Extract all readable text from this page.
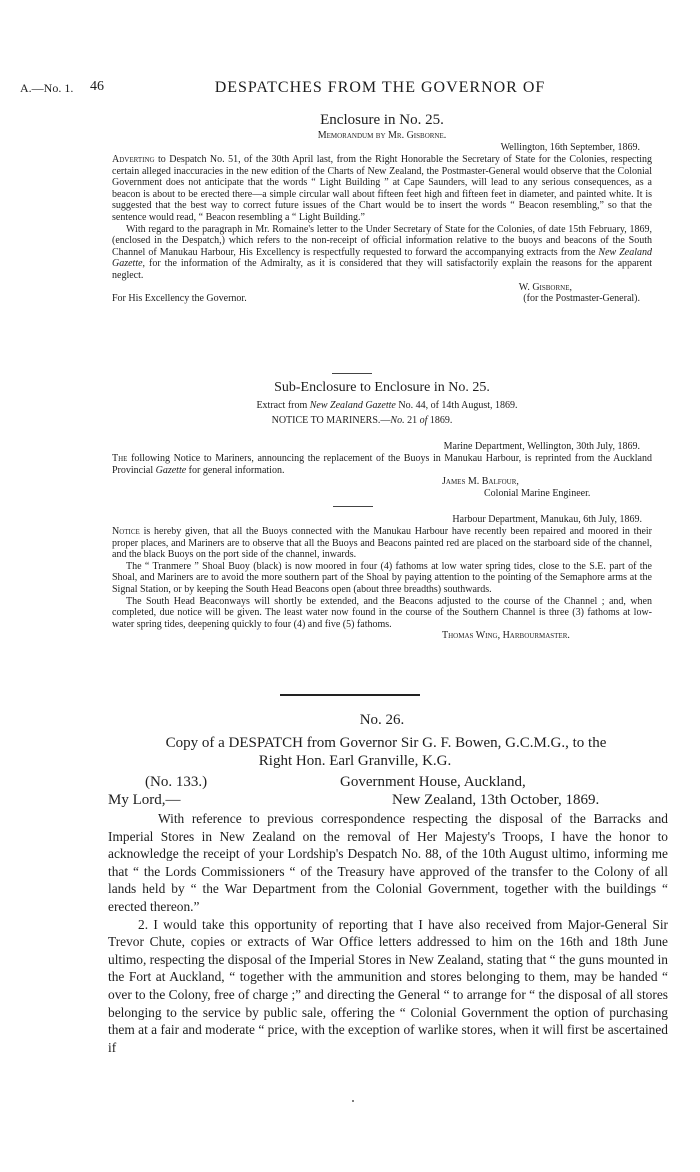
A.—No. 1. 46	DESPATCHES FROM THE GOVERNOR OF
Enclosure in No. 25.
Memorandum by Mr. Gisborne.
Wellington, 16th September, 1869.

Adverting to Despatch No. 51, of the 30th April last, from the Right Honorable the Secretary of State for the Colonies, respecting certain alleged inaccuracies in the new edition of the Charts of New Zealand, the Postmaster-General would observe that the Colonial Government does not anticipate that the words “ Light Building ” at Cape Saunders, will lead to any serious consequences, as a beacon is about to be erected there—a simple circular wall about fifteen feet high and fifteen feet in diameter, and painted white. It is suggested that the best way to correct future issues of the Chart would be to insert the words “ Beacon resembling,” so that the sentence would read, “ Beacon resembling a “ Light Building.”

With regard to the paragraph in Mr. Romaine's letter to the Under Secretary of State for the Colonies, of date 15th February, 1869, (enclosed in the Despatch,) which refers to the non-receipt of official information relative to the buoys and beacons of the South Channel of Manukau Harbour, His Excellency is respectfully requested to forward the accompanying extracts from the New Zealand Gazette, for the information of the Admiralty, as it is considered that they will satisfactorily explain the reasons for the apparent neglect.

W. Gisborne,
For His Excellency the Governor.	(for the Postmaster-General).
Sub-Enclosure to Enclosure in No. 25.
Extract from New Zealand Gazette No. 44, of 14th August, 1869.
NOTICE TO MARINERS.—No. 21 of 1869.
Marine Department, Wellington, 30th July, 1869.

The following Notice to Mariners, announcing the replacement of the Buoys in Manukau Harbour, is reprinted from the Auckland Provincial Gazette for general information.

James M. Balfour,
Colonial Marine Engineer.
Harbour Department, Manukau, 6th July, 1869.

Notice is hereby given, that all the Buoys connected with the Manukau Harbour have recently been repaired and moored in their proper places, and Mariners are to observe that all the Buoys and Beacons painted red are placed on the starboard side of the channel, and the black Buoys on the port side of the channel, inwards.

The “ Tranmere ” Shoal Buoy (black) is now moored in four (4) fathoms at low water spring tides, close to the S.E. part of the Shoal, and Mariners are to avoid the more southern part of the Shoal by paying attention to the pointing of the Semaphore arms at the Signal Station, or by keeping the South Head Beacons open (about three breadths) southwards.

The South Head Beaconways will shortly be extended, and the Beacons adjusted to the course of the Channel ; and, when completed, due notice will be given. The least water now found in the course of the Southern Channel is three (3) fathoms at low-water spring tides, deepening quickly to four (4) and five (5) fathoms.

Thomas Wing, Harbourmaster.
No. 26.
Copy of a DESPATCH from Governor Sir G. F. Bowen, G.C.M.G., to the
Right Hon. Earl Granville, K.G.
(No. 133.)	Government House, Auckland,
My Lord,—	New Zealand, 13th October, 1869.

With reference to previous correspondence respecting the disposal of the Barracks and Imperial Stores in New Zealand on the removal of Her Majesty's Troops, I have the honor to acknowledge the receipt of your Lordship's Despatch No. 88, of the 10th August ultimo, informing me that “ the Lords Commissioners “ of the Treasury have approved of the transfer to the Colony of all lands held by “ the War Department from the Colonial Government, together with the buildings “ erected thereon.”

2. I would take this opportunity of reporting that I have also received from Major-General Sir Trevor Chute, copies or extracts of War Office letters addressed to him on the 16th and 18th June ultimo, respecting the disposal of the Imperial Stores in New Zealand, stating that “ the guns mounted in the Fort at Auckland, “ together with the ammunition and stores belonging to them, may be handed “ over to the Colony, free of charge ;” and directing the General “ to arrange for “ the disposal of all stores belonging to the service by public sale, offering the “ Colonial Government the option of purchasing them at a fair and moderate “ price, with the exception of warlike stores, when it will first be ascertained if
